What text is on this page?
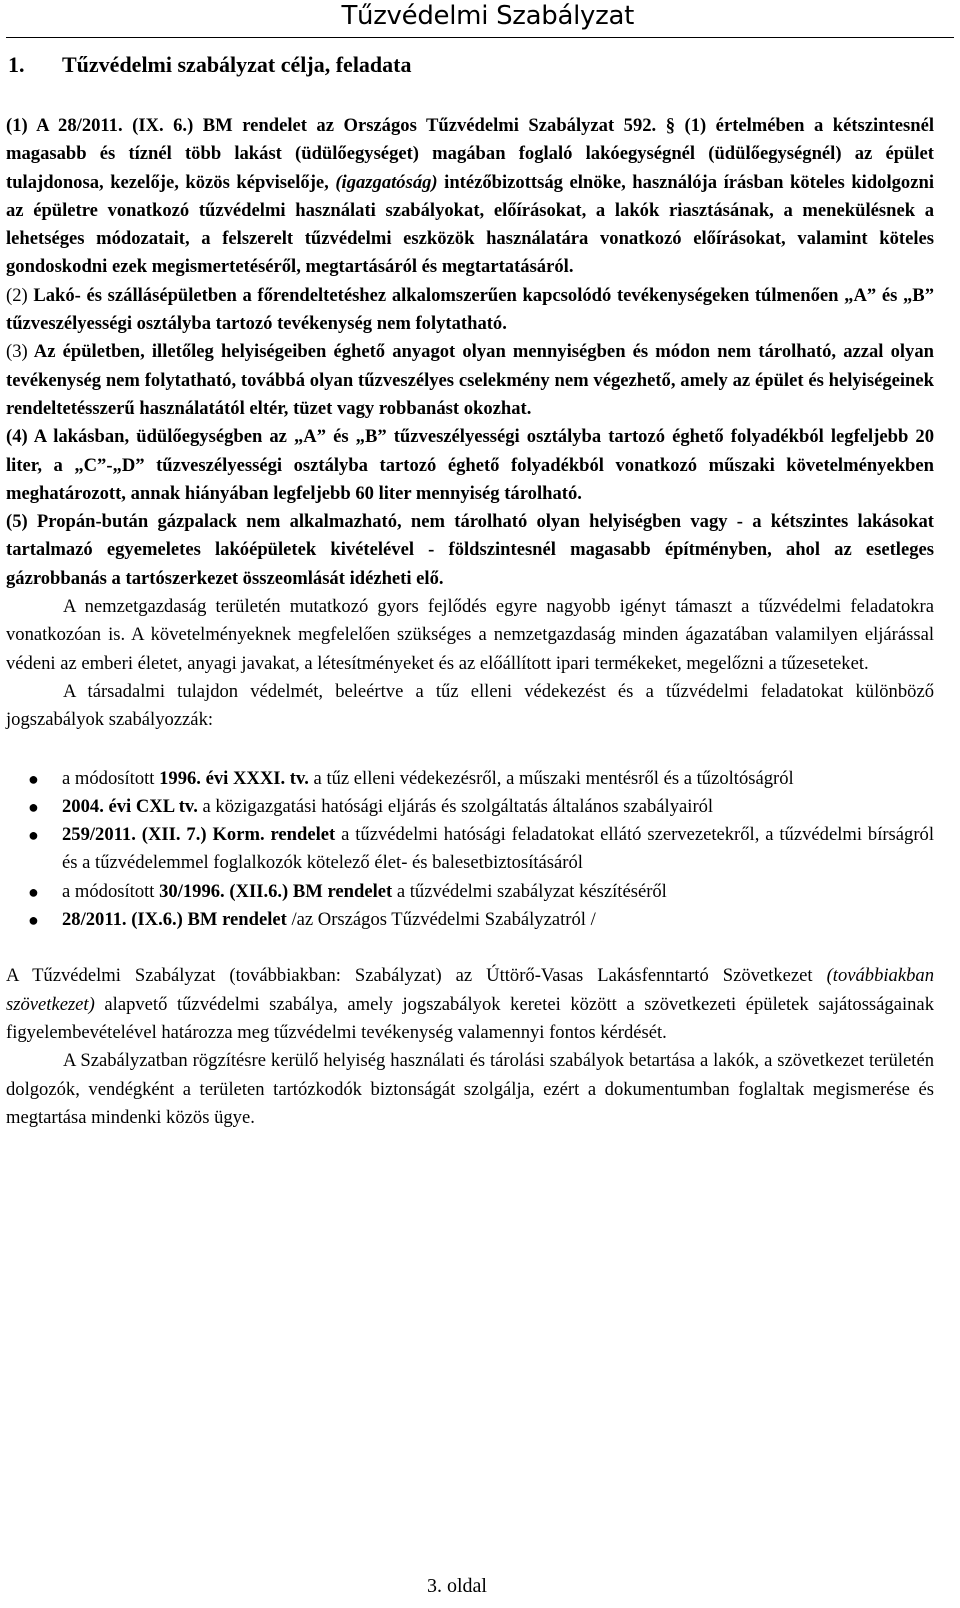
Tűzvédelmi Szabályzat
1. Tűzvédelmi szabályzat célja, feladata

(1) A 28/2011. (IX. 6.) BM rendelet az Országos Tűzvédelmi Szabályzat 592. § (1) értelmében a kétszintesnél magasabb és tíznél több lakást (üdülőegységet) magában foglaló lakóegységnél (üdülőegységnél) az épület tulajdonosa, kezelője, közös képviselője, (igazgatóság) intézőbizottság elnöke, használója írásban köteles kidolgozni az épületre vonatkozó tűzvédelmi használati szabályokat, előírásokat, a lakók riasztásának, a menekülésnek a lehetséges módozatait, a felszerelt tűzvédelmi eszközök használatára vonatkozó előírásokat, valamint köteles gondoskodni ezek megismertetéséről, megtartásáról és megtartatásáról.

(2) Lakó- és szállásépületben a főrendeltetéshez alkalomszerűen kapcsolódó tevékenységeken túlmenően „A” és „B” tűzveszélyességi osztályba tartozó tevékenység nem folytatható.

(3) Az épületben, illetőleg helyiségeiben éghető anyagot olyan mennyiségben és módon nem tárolható, azzal olyan tevékenység nem folytatható, továbbá olyan tűzveszélyes cselekmény nem végezhető, amely az épület és helyiségeinek rendeltetésszerű használatától eltér, tüzet vagy robbanást okozhat.

(4) A lakásban, üdülőegységben az „A” és „B” tűzveszélyességi osztályba tartozó éghető folyadékból legfeljebb 20 liter, a „C”-„D” tűzveszélyességi osztályba tartozó éghető folyadékból vonatkozó műszaki követelményekben meghatározott, annak hiányában legfeljebb 60 liter mennyiség tárolható.

(5) Propán-bután gázpalack nem alkalmazható, nem tárolható olyan helyiségben vagy - a kétszintes lakásokat tartalmazó egyemeletes lakóépületek kivételével - földszintesnél magasabb építményben, ahol az esetleges gázrobbanás a tartószerkezet összeomlását idézheti elő.

A nemzetgazdaság területén mutatkozó gyors fejlődés egyre nagyobb igényt támaszt a tűzvédelmi feladatokra vonatkozóan is. A követelményeknek megfelelően szükséges a nemzetgazdaság minden ágazatában valamilyen eljárással védeni az emberi életet, anyagi javakat, a létesítményeket és az előállított ipari termékeket, megelőzni a tűzeseteket.

A társadalmi tulajdon védelmét, beleértve a tűz elleni védekezést és a tűzvédelmi feladatokat különböző jogszabályok szabályozzák:

● a módosított 1996. évi XXXI. tv. a tűz elleni védekezésről, a műszaki mentésről és a tűzoltóságról
● 2004. évi CXL tv. a közigazgatási hatósági eljárás és szolgáltatás általános szabályairól
● 259/2011. (XII. 7.) Korm. rendelet a tűzvédelmi hatósági feladatokat ellátó szervezetekről, a tűzvédelmi bírságról és a tűzvédelemmel foglalkozók kötelező élet- és balesetbiztosításáról
● a módosított 30/1996. (XII.6.) BM rendelet a tűzvédelmi szabályzat készítéséről
● 28/2011. (IX.6.) BM rendelet /az Országos Tűzvédelmi Szabályzatról /

A Tűzvédelmi Szabályzat (továbbiakban: Szabályzat) az Úttörő-Vasas Lakásfenntartó Szövetkezet (továbbiakban szövetkezet) alapvető tűzvédelmi szabálya, amely jogszabályok keretei között a szövetkezeti épületek sajátosságainak figyelembevételével határozza meg tűzvédelmi tevékenység valamennyi fontos kérdését.

A Szabályzatban rögzítésre kerülő helyiség használati és tárolási szabályok betartása a lakók, a szövetkezet területén dolgozók, vendégként a területen tartózkodók biztonságát szolgálja, ezért a dokumentumban foglaltak megismerése és megtartása mindenki közös ügye.

3. oldal
